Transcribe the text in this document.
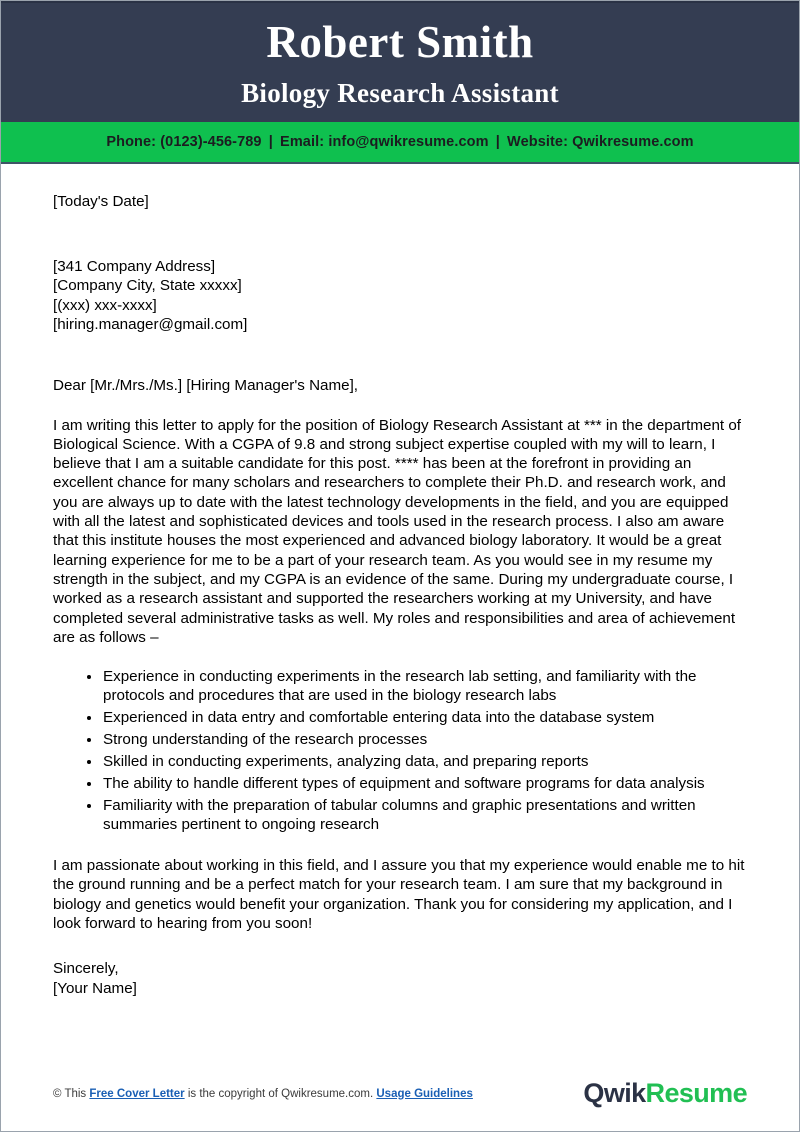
Robert Smith
Biology Research Assistant
Phone: (0123)-456-789 | Email: info@qwikresume.com | Website: Qwikresume.com
[Today's Date]
[341 Company Address]
[Company City, State xxxxx]
[(xxx) xxx-xxxx]
[hiring.manager@gmail.com]
Dear [Mr./Mrs./Ms.] [Hiring Manager's Name],

I am writing this letter to apply for the position of Biology Research Assistant at *** in the department of Biological Science. With a CGPA of 9.8 and strong subject expertise coupled with my will to learn, I believe that I am a suitable candidate for this post. **** has been at the forefront in providing an excellent chance for many scholars and researchers to complete their Ph.D. and research work, and you are always up to date with the latest technology developments in the field, and you are equipped with all the latest and sophisticated devices and tools used in the research process. I also am aware that this institute houses the most experienced and advanced biology laboratory. It would be a great learning experience for me to be a part of your research team. As you would see in my resume my strength in the subject, and my CGPA is an evidence of the same. During my undergraduate course, I worked as a research assistant and supported the researchers working at my University, and have completed several administrative tasks as well. My roles and responsibilities and area of achievement are as follows –

Experience in conducting experiments in the research lab setting, and familiarity with the protocols and procedures that are used in the biology research labs
Experienced in data entry and comfortable entering data into the database system
Strong understanding of the research processes
Skilled in conducting experiments, analyzing data, and preparing reports
The ability to handle different types of equipment and software programs for data analysis
Familiarity with the preparation of tabular columns and graphic presentations and written summaries pertinent to ongoing research

I am passionate about working in this field, and I assure you that my experience would enable me to hit the ground running and be a perfect match for your research team. I am sure that my background in biology and genetics would benefit your organization. Thank you for considering my application, and I look forward to hearing from you soon!

Sincerely,
[Your Name]
© This Free Cover Letter is the copyright of Qwikresume.com. Usage Guidelines	Qwik Resume
